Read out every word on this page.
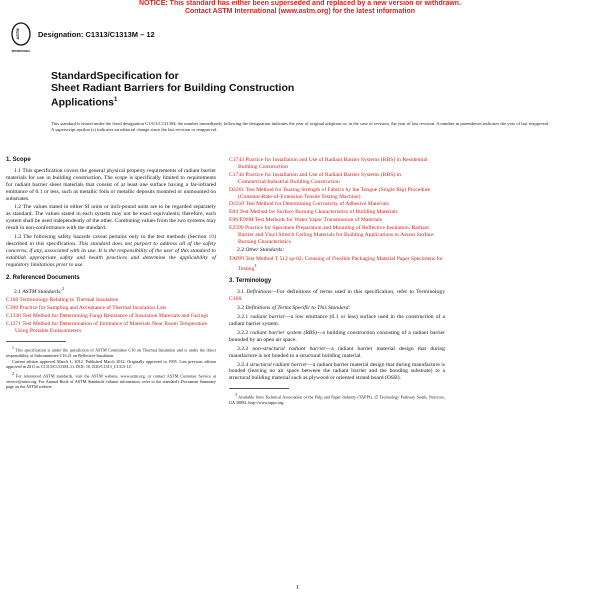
NOTICE: This standard has either been superseded and replaced by a new version or withdrawn.
Contact ASTM International (www.astm.org) for the latest information
ASTM
INTERNATIONAL
Designation: C1313/C1313M – 12
StandardSpecification for
Sheet Radiant Barriers for Building Construction
Applications$^1$
This standard is issued under the fixed designation C1313/C1313M; the number immediately following the designation indicates the year of original adoption or, in the case of revision, the year of last revision. A number in parentheses indicates the year of last reapproval. A superscript epsilon (ε) indicates an editorial change since the last revision or reapproval.
1. Scope

1.1 This specification covers the general physical property requirements of radiant barrier materials for use in building construction. The scope is specifically limited to requirements for radiant barrier sheet materials that consist of at least one surface having a far-infrared emittance of 0.1 or less, such as metallic foils or metallic deposits mounted or unmounted on substrates.

1.2 The values stated in either SI units or inch-pound units are to be regarded separately as standard. The values stated in each system may not be exact equivalents; therefore, each system shall be used independently of the other. Combining values from the two systems may result in non-conformance with the standard.

1.3 The following safety hazards caveat pertains only to the test methods (Section 10) described in this specification. This standard does not purport to address all of the safety concerns, if any, associated with its use. It is the responsibility of the user of this standard to establish appropriate safety and health practices and determine the applicability of regulatory limitations prior to use.

2. Referenced Documents

2.1 ASTM Standards:$^2$

C168 Terminology Relating to Thermal Insulation
C390 Practice for Sampling and Acceptance of Thermal Insulation Lots
C1338 Test Method for Determining Fungi Resistance of Insulation Materials and Facings
C1371 Test Method for Determination of Emittance of Materials Near Room Temperature Using Portable Emissometers

$^1$ This specification is under the jurisdiction of ASTM Committee C16 on Thermal Insulation and is under the direct responsibility of Subcommittee C16.21 on Reflective Insulation.

Current edition approved March 1, 2012. Published March 2012. Originally approved in 1995. Last previous edition approved in 2011 as C1313/C1313M–11. DOI: 10.1520/C1313_C1313-12.

$^2$ For referenced ASTM standards, visit the ASTM website, www.astm.org, or contact ASTM Customer Service at service@astm.org. For Annual Book of ASTM Standards volume information, refer to the standard's Document Summary page on the ASTM website.

C1743 Practice for Installation and Use of Radiant Barrier Systems (RBS) in Residential Building Construction
C1744 Practice for Installation and Use of Radiant Barrier Systems (RBS) in Commercial/Industrial Building Construction
D2261 Test Method for Tearing Strength of Fabrics by the Tongue (Single Rip) Procedure (Constant-Rate-of-Extension Tensile Testing Machine)
D3310 Test Method for Determining Corrosivity of Adhesive Materials
E84 Test Method for Surface Burning Characteristics of Building Materials
E96/E96M Test Methods for Water Vapor Transmission of Materials
E2599 Practice for Specimen Preparation and Mounting of Reflective Insulation, Radiant Barrier and Vinyl Stretch Ceiling Materials for Building Applications to Assess Surface Burning Characteristics

2.2 Other Standards:

TAPPI Test Method T 512 sp-02: Creasing of Flexible Packaging Material Paper Specimens for Testing$^3$
3. Terminology

3.1 Definitions—For definitions of terms used in this specification, refer to Terminology C168.

3.2 Definitions of Terms Specific to This Standard:

3.2.1 radiant barrier—a low emittance (0.1 or less) surface used in the construction of a radiant barrier system.

3.2.2 radiant barrier system (RBS)—a building construction consisting of a radiant barrier bounded by an open air space.

3.2.3 non-structural radiant barrier—a radiant barrier material design that during manufacture is not bonded to a structural building material.

3.2.4 structural radiant barrier—a radiant barrier material design that during manufacture is bonded (leaving no air space between the radiant barrier and the bonding substrate) to a structural building material such as plywood or oriented strand board (OSB).

$^3$ Available from Technical Association of the Pulp and Paper Industry (TAPPI), 15 Technology Parkway South, Norcross, GA 30092, http://www.tappi.org.

1
